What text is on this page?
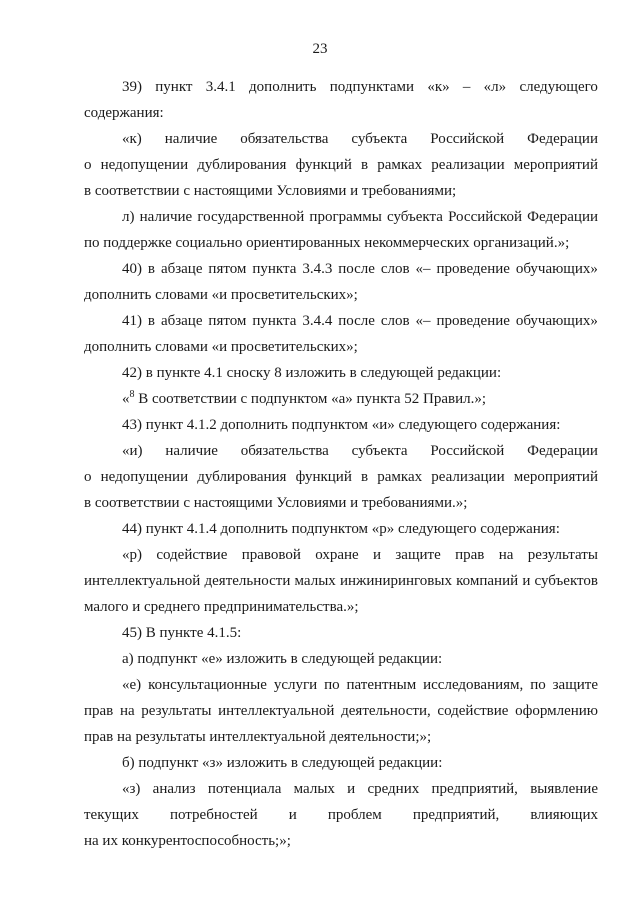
23
39) пункт 3.4.1 дополнить подпунктами «к» – «л» следующего
содержания:
«к) наличие обязательства субъекта Российской Федерации
о недопущении дублирования функций в рамках реализации мероприятий
в соответствии с настоящими Условиями и требованиями;
л) наличие государственной программы субъекта Российской Федерации
по поддержке социально ориентированных некоммерческих организаций.»;
40) в абзаце пятом пункта 3.4.3 после слов «– проведение обучающих»
дополнить словами «и просветительских»;
41) в абзаце пятом пункта 3.4.4 после слов «– проведение обучающих»
дополнить словами «и просветительских»;
42) в пункте 4.1 сноску 8 изложить в следующей редакции:
«$^8$ В соответствии с подпунктом «а» пункта 52 Правил.»;
43) пункт 4.1.2 дополнить подпунктом «и» следующего содержания:
«и) наличие обязательства субъекта Российской Федерации
о недопущении дублирования функций в рамках реализации мероприятий
в соответствии с настоящими Условиями и требованиями.»;
44) пункт 4.1.4 дополнить подпунктом «р» следующего содержания:
«р) содействие правовой охране и защите прав на результаты
интеллектуальной деятельности малых инжиниринговых компаний и субъектов
малого и среднего предпринимательства.»;
45) В пункте 4.1.5:
а) подпункт «е» изложить в следующей редакции:
«е) консультационные услуги по патентным исследованиям, по защите
прав на результаты интеллектуальной деятельности, содействие оформлению
прав на результаты интеллектуальной деятельности;»;
б) подпункт «з» изложить в следующей редакции:
«з) анализ потенциала малых и средних предприятий, выявление
текущих потребностей и проблем предприятий, влияющих
на их конкурентоспособность;»;
